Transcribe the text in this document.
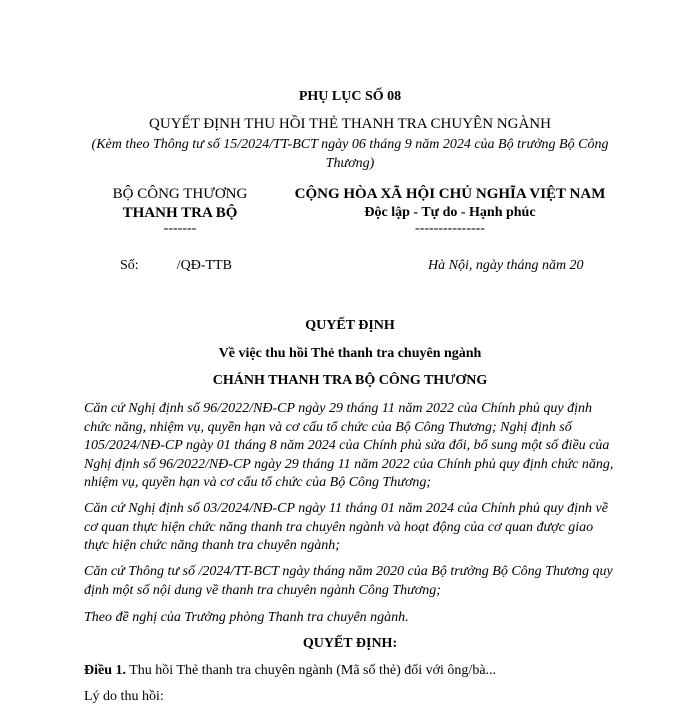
PHỤ LỤC SỐ 08
QUYẾT ĐỊNH THU HỒI THẺ THANH TRA CHUYÊN NGÀNH
(Kèm theo Thông tư số 15/2024/TT-BCT ngày 06 tháng 9 năm 2024 của Bộ trưởng Bộ Công Thương)
BỘ CÔNG THƯƠNG
THANH TRA BỘ
-------
CỘNG HÒA XÃ HỘI CHỦ NGHĨA VIỆT NAM
Độc lập - Tự do - Hạnh phúc
---------------
Số:	/QĐ-TTB	Hà Nội, ngày tháng năm 20
QUYẾT ĐỊNH
Về việc thu hồi Thẻ thanh tra chuyên ngành
CHÁNH THANH TRA BỘ CÔNG THƯƠNG

Căn cứ Nghị định số 96/2022/NĐ-CP ngày 29 tháng 11 năm 2022 của Chính phủ quy định chức năng, nhiệm vụ, quyền hạn và cơ cấu tổ chức của Bộ Công Thương; Nghị định số 105/2024/NĐ-CP ngày 01 tháng 8 năm 2024 của Chính phủ sửa đổi, bổ sung một số điều của Nghị định số 96/2022/NĐ-CP ngày 29 tháng 11 năm 2022 của Chính phủ quy định chức năng, nhiệm vụ, quyền hạn và cơ cấu tổ chức của Bộ Công Thương;

Căn cứ Nghị định số 03/2024/NĐ-CP ngày 11 tháng 01 năm 2024 của Chính phủ quy định về cơ quan thực hiện chức năng thanh tra chuyên ngành và hoạt động của cơ quan được giao thực hiện chức năng thanh tra chuyên ngành;

Căn cứ Thông tư số /2024/TT-BCT ngày tháng năm 2020 của Bộ trưởng Bộ Công Thương quy định một số nội dung về thanh tra chuyên ngành Công Thương;

Theo đề nghị của Trưởng phòng Thanh tra chuyên ngành.

QUYẾT ĐỊNH:
Điều 1. Thu hồi Thẻ thanh tra chuyên ngành (Mã số thẻ) đối với ông/bà...
Lý do thu hồi:
